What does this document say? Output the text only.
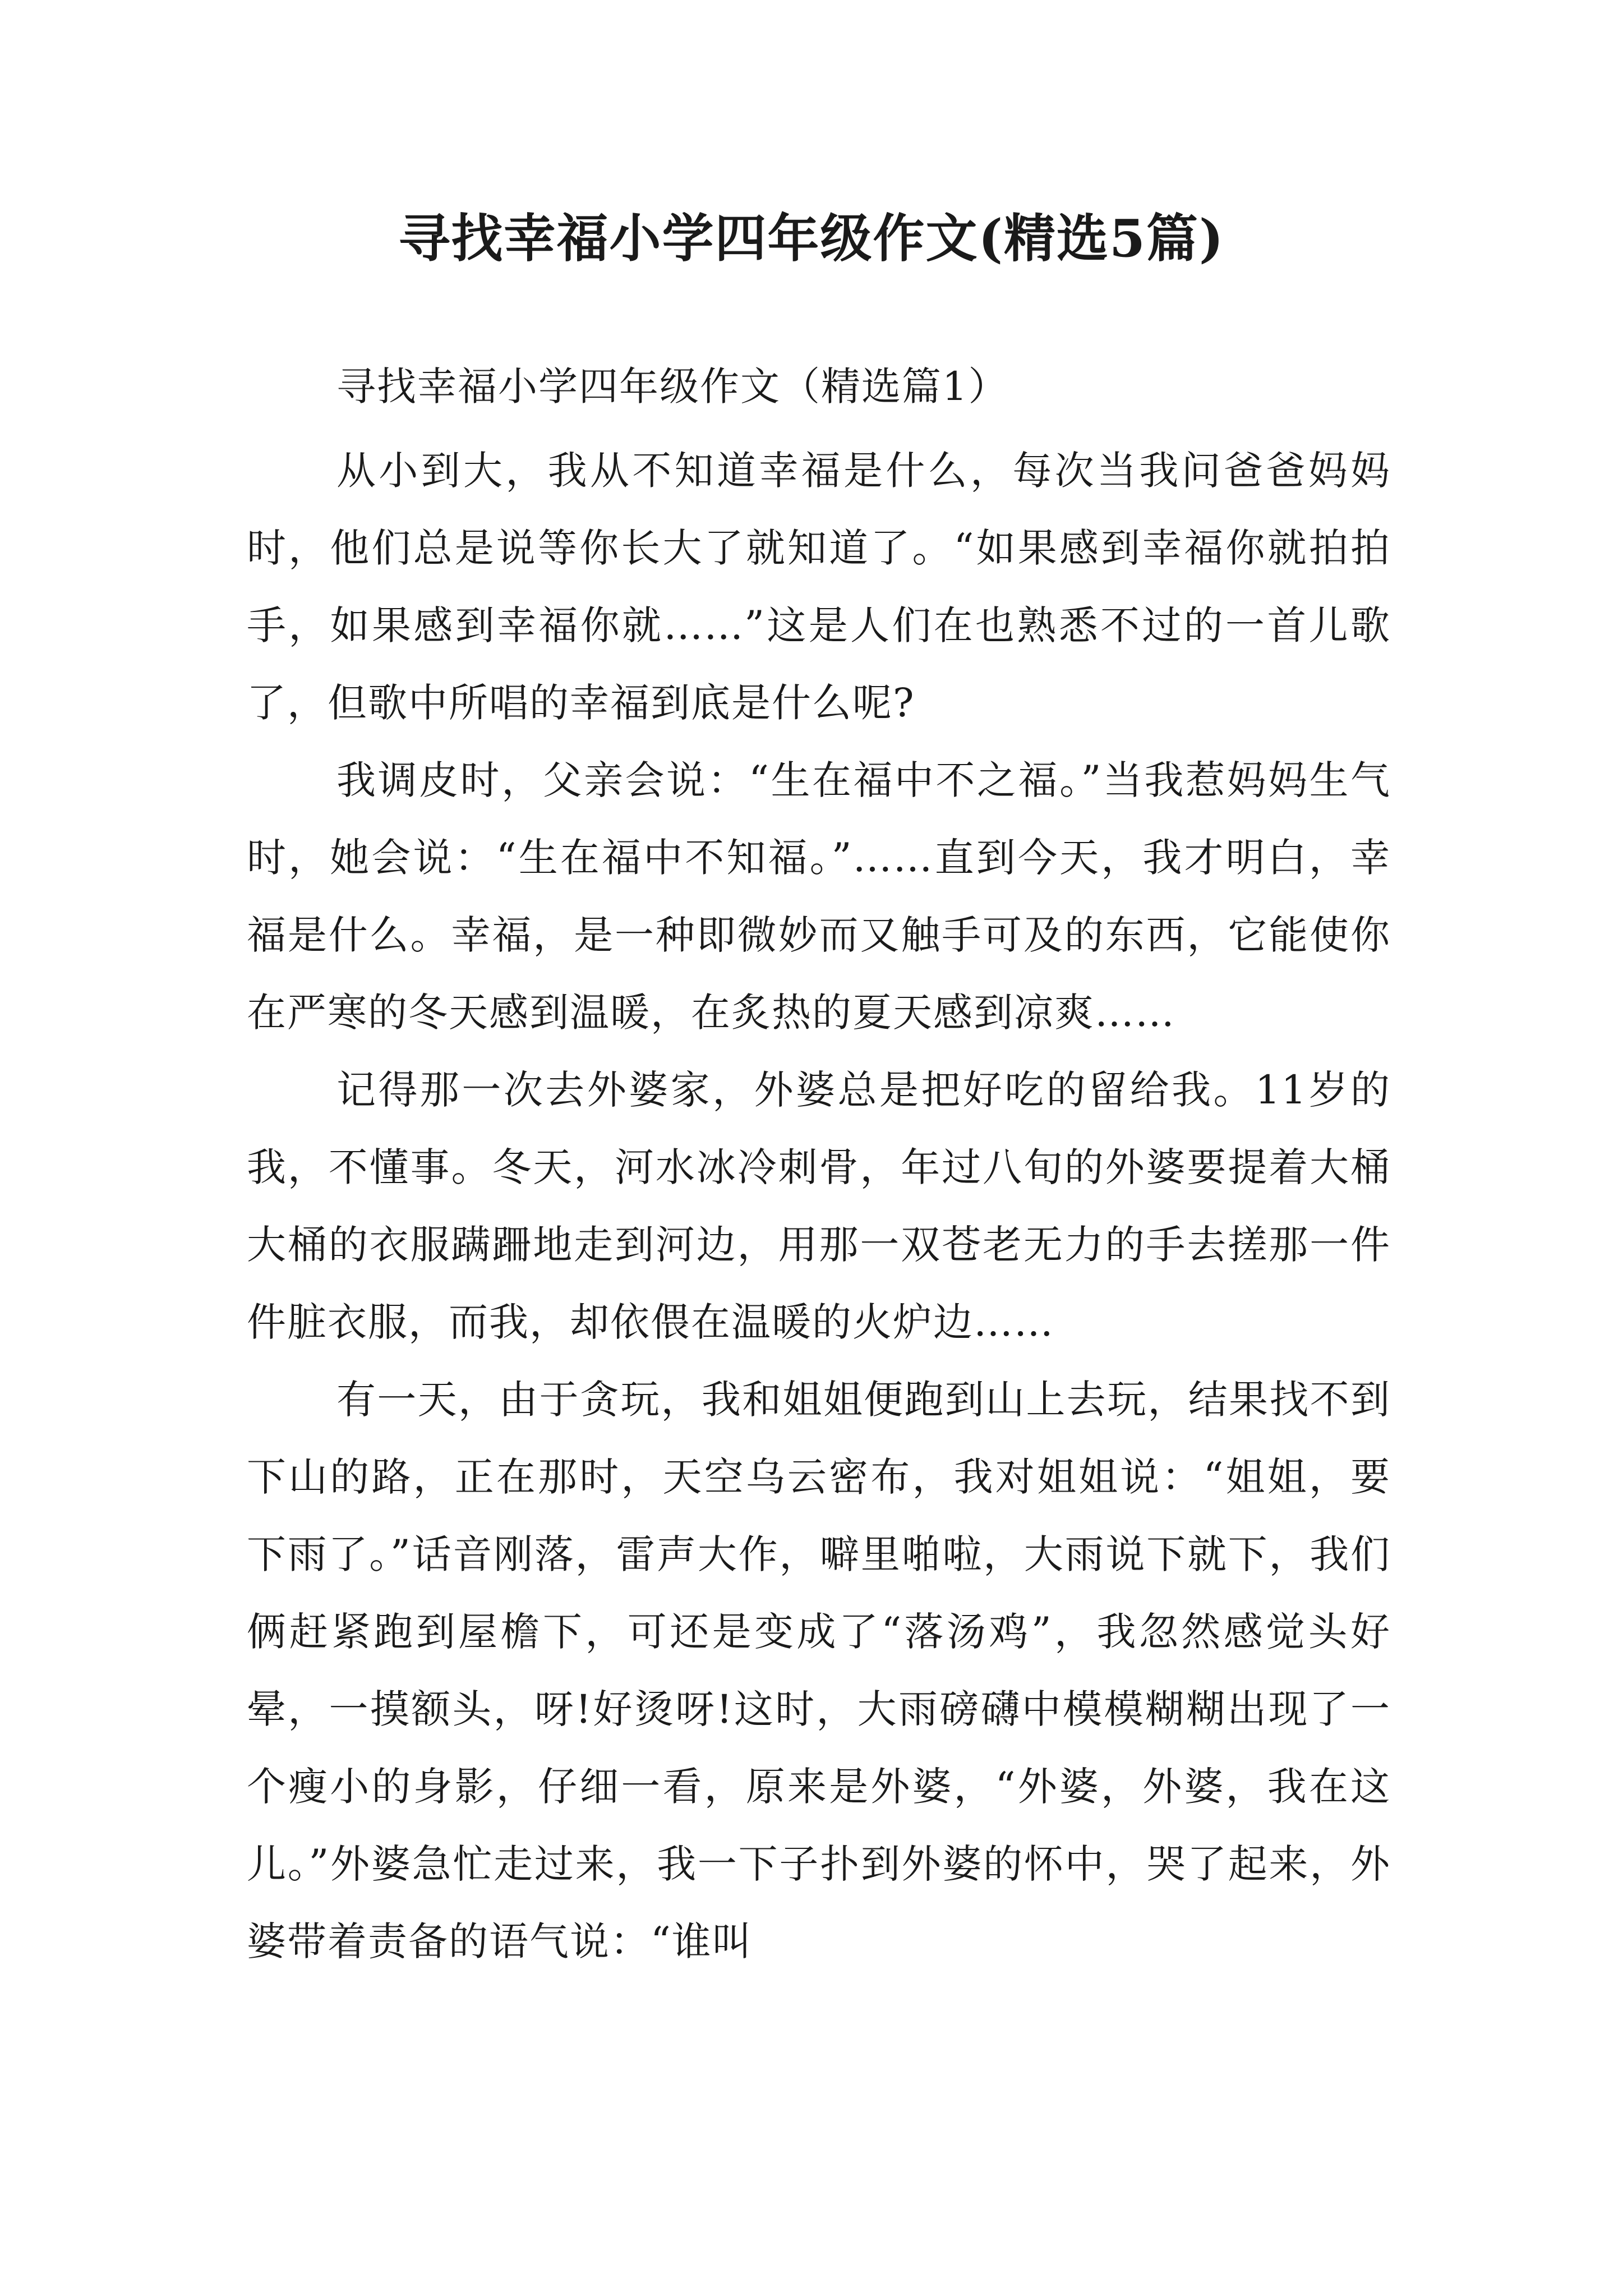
寻找幸福小学四年级作文(精选5篇)

寻找幸福小学四年级作文（精选篇1）

从小到大，我从不知道幸福是什么，每次当我问爸爸妈妈时，他们总是说等你长大了就知道了。“如果感到幸福你就拍拍手，如果感到幸福你就……”这是人们在也熟悉不过的一首儿歌了，但歌中所唱的幸福到底是什么呢?

我调皮时，父亲会说：“生在福中不之福。”当我惹妈妈生气时，她会说：“生在福中不知福。”……直到今天，我才明白，幸福是什么。幸福，是一种即微妙而又触手可及的东西，它能使你在严寒的冬天感到温暖，在炙热的夏天感到凉爽……

记得那一次去外婆家，外婆总是把好吃的留给我。11岁的我，不懂事。冬天，河水冰冷刺骨，年过八旬的外婆要提着大桶大桶的衣服蹒跚地走到河边，用那一双苍老无力的手去搓那一件件脏衣服，而我，却依偎在温暖的火炉边……

有一天，由于贪玩，我和姐姐便跑到山上去玩，结果找不到下山的路，正在那时，天空乌云密布，我对姐姐说：“姐姐，要下雨了。”话音刚落，雷声大作，噼里啪啦，大雨说下就下，我们俩赶紧跑到屋檐下，可还是变成了“落汤鸡”，我忽然感觉头好晕，一摸额头，呀!好烫呀!这时，大雨磅礴中模模糊糊出现了一个瘦小的身影，仔细一看，原来是外婆，“外婆，外婆，我在这儿。”外婆急忙走过来，我一下子扑到外婆的怀中，哭了起来，外婆带着责备的语气说：“谁叫
